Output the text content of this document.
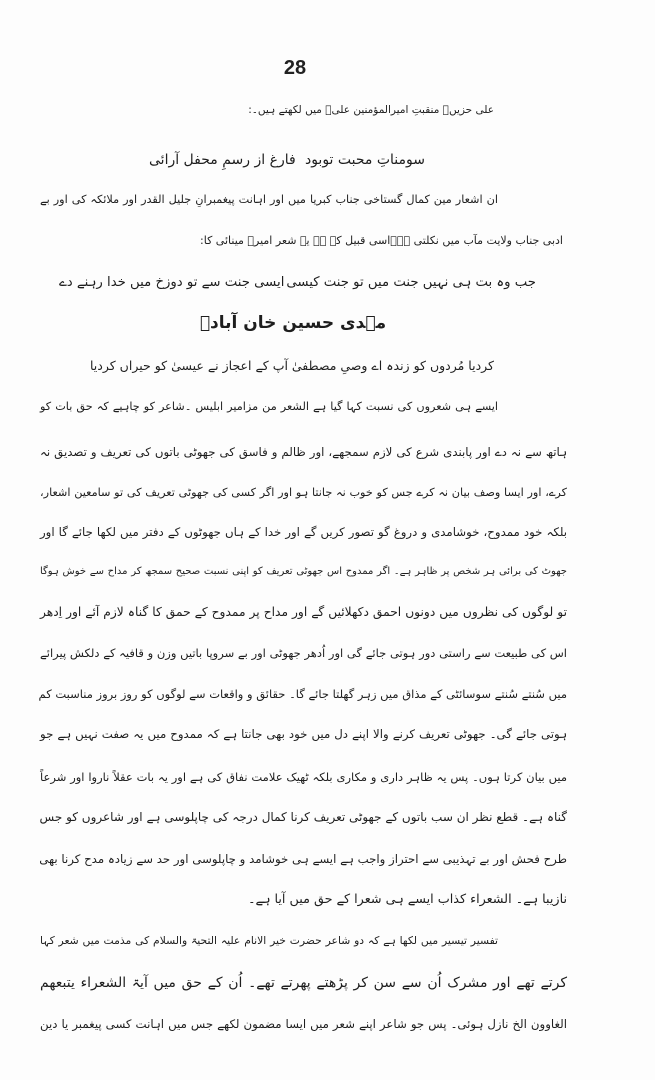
28
علی حزیںؔ منقبتِ امیرالمؤمنین علیؑ میں لکھتے ہیں۔:
سومناتِ محبت توبود
فارغ از رسمِ محفل آرائی
ان اشعار مین کمال گستاخی جناب کبریا میں اور اہانت پیغمبرانِ جلیل القدر اور ملائکہ کی اور بے
ادبی جناب ولایت مآب میں نکلتی ہے۔اسی قبیل کے ہے یہ شعر امیرؔ مینائی کا:
جب وہ بت ہی نہیں جنت میں تو جنت کیسی
ایسی جنت سے تو دوزخ میں خدا رہنے دے
مہدی حسین خان آبادؔ
کردیا مُردوں کو زندہ اے وصیِ مصطفیٰ
آپ کے اعجاز نے عیسیٰ کو حیراں کردیا
ایسے ہی شعروں کی نسبت کہا گیا ہے الشعر من مزامیر ابلیس ۔شاعر کو چاہیے کہ حق بات کو
ہاتھ سے نہ دے اور پابندی شرع کی لازم سمجھے، اور ظالم و فاسق کی جھوٹی باتوں کی تعریف و تصدیق نہ
کرے، اور ایسا وصف بیان نہ کرے جس کو خوب نہ جانتا ہو اور اگر کسی کی جھوٹی تعریف کی تو سامعین اشعار،
بلکہ خود ممدوح، خوشامدی و دروغ گو تصور کریں گے اور خدا کے ہاں جھوٹوں کے دفتر میں لکھا جائے گا اور
جھوٹ کی برائی ہر شخص پر ظاہر ہے۔ اگر ممدوح اس جھوٹی تعریف کو اپنی نسبت صحیح سمجھ کر مداح سے خوش ہوگا
تو لوگوں کی نظروں میں دونوں احمق دکھلائیں گے اور مداح پر ممدوح کے حمق کا گناہ لازم آئے اور اِدھر
اس کی طبیعت سے راستی دور ہوتی جائے گی اور اُدھر جھوٹی اور بے سروپا باتیں وزن و قافیہ کے دلکش پیرائے
میں سُنتے سُنتے سوسائٹی کے مذاق میں زہر گھلتا جائے گا۔ حقائق و واقعات سے لوگوں کو روز بروز مناسبت کم
ہوتی جائے گی۔ جھوٹی تعریف کرنے والا اپنے دل میں خود بھی جانتا ہے کہ ممدوح میں یہ صفت نہیں ہے جو
میں بیان کرتا ہوں۔ پس یہ ظاہر داری و مکاری بلکہ ٹھیک علامت نفاق کی ہے اور یہ بات عقلاً ناروا اور شرعاً
گناہ ہے۔ قطع نظر ان سب باتوں کے جھوٹی تعریف کرنا کمال درجہ کی چاپلوسی ہے اور شاعروں کو جس
طرح فحش اور بے تہذیبی سے احتراز واجب ہے ایسے ہی خوشامد و چاپلوسی اور حد سے زیادہ مدح کرنا بھی
نازیبا ہے۔ الشعراء کذاب ایسے ہی شعرا کے حق میں آیا ہے۔
تفسیر تیسیر میں لکھا ہے کہ دو شاعر حضرت خیر الانام علیہ التحیۃ والسلام کی مذمت میں شعر کہا
کرتے تھے اور مشرک اُن سے سن کر پڑھتے پھرتے تھے۔ اُن کے حق میں آیۃ الشعراء یتبعھم
الغاوون الخ نازل ہوئی۔ پس جو شاعر اپنے شعر میں ایسا مضمون لکھے جس میں اہانت کسی پیغمبر یا دین
